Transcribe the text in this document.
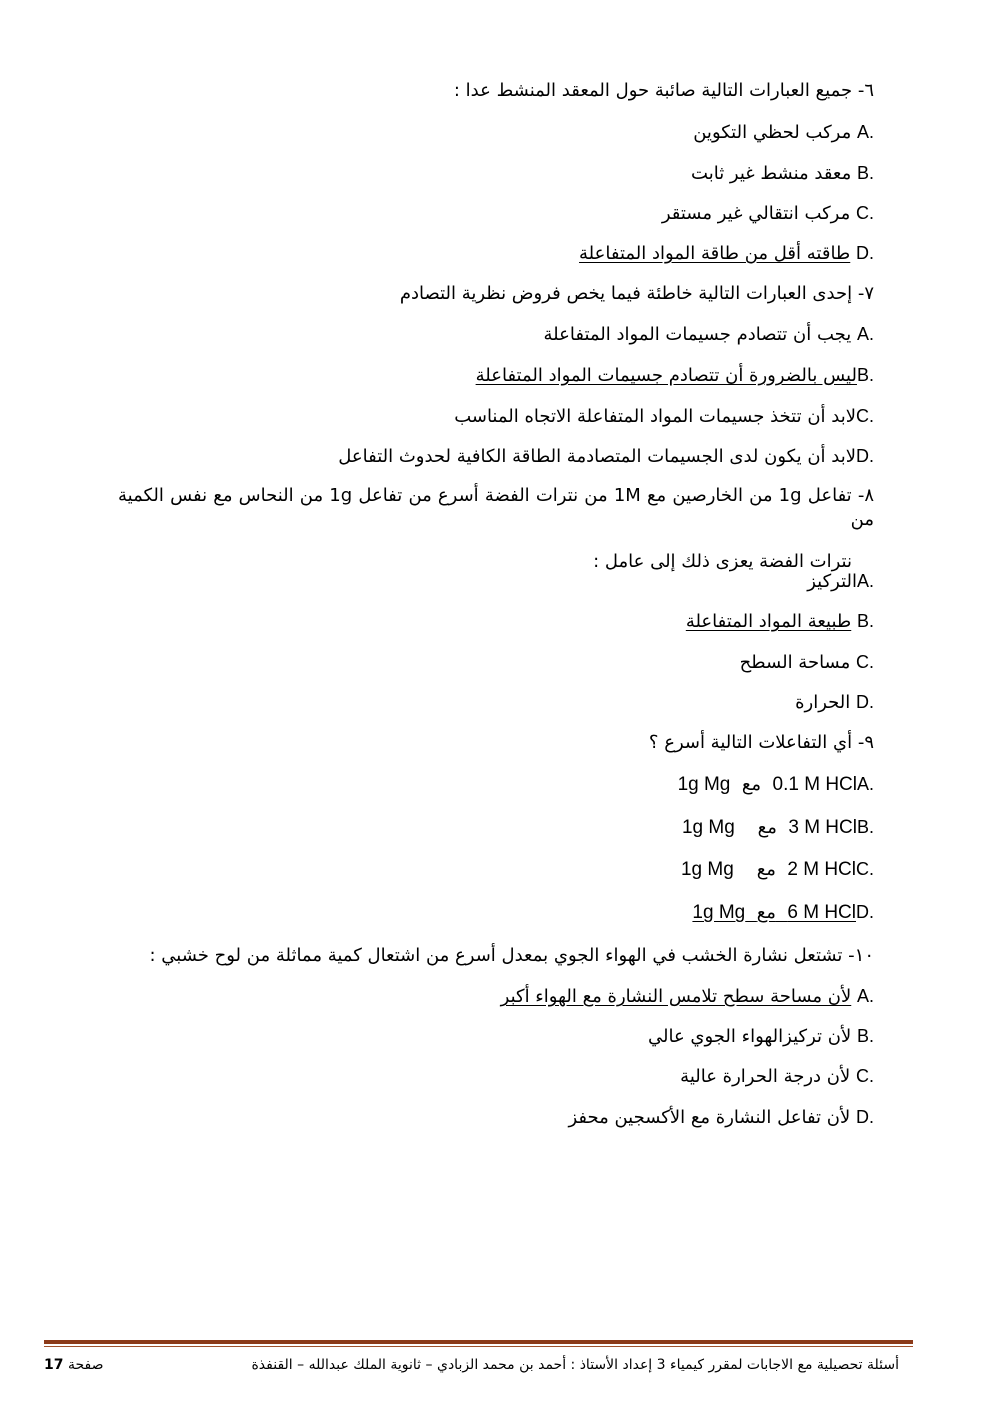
٦- جميع العبارات التالية صائبة حول المعقد المنشط عدا :
مركب لحظي التكوين A.
معقد منشط غير ثابت B.
مركب انتقالي غير مستقر C.
طاقته أقل من طاقة المواد المتفاعلة D.
٧- إحدى العبارات التالية خاطئة فيما يخص فروض نظرية التصادم
يجب أن تتصادم جسيمات المواد المتفاعلة A.
ليس بالضرورة أن تتصادم جسيمات المواد المتفاعلةB.
لابد أن تتخذ جسيمات المواد المتفاعلة الاتجاه المناسبC.
لابد أن يكون لدى الجسيمات المتصادمة الطاقة الكافية لحدوث التفاعلD.
٨- تفاعل 1g من الخارصين مع 1M من نترات الفضة أسرع من تفاعل 1g من النحاس مع نفس الكمية من
نترات الفضة يعزى ذلك إلى عامل :
التركيزA.
طبيعة المواد المتفاعلة B.
مساحة السطح C.
الحرارة D.
٩- أي التفاعلات التالية أسرع ؟
1g Mg مع 0.1 M HClA.
1g Mg مع 3 M HClB.
1g Mg مع 2 M HClC.
1g Mg مع 6 M HClD.
١٠- تشتعل نشارة الخشب في الهواء الجوي بمعدل أسرع من اشتعال كمية مماثلة من لوح خشبي :
لأن مساحة سطح تلامس النشارة مع الهواء أكبر A.
لأن تركيزالهواء الجوي عالي B.
لأن درجة الحرارة عالية C.
لأن تفاعل النشارة مع الأكسجين محفز D.
صفحة 17	أسئلة تحصيلية مع الاجابات لمقرر كيمياء 3 إعداد الأستاذ : أحمد بن محمد الزبادي – ثانوية الملك عبدالله – القنفذة
